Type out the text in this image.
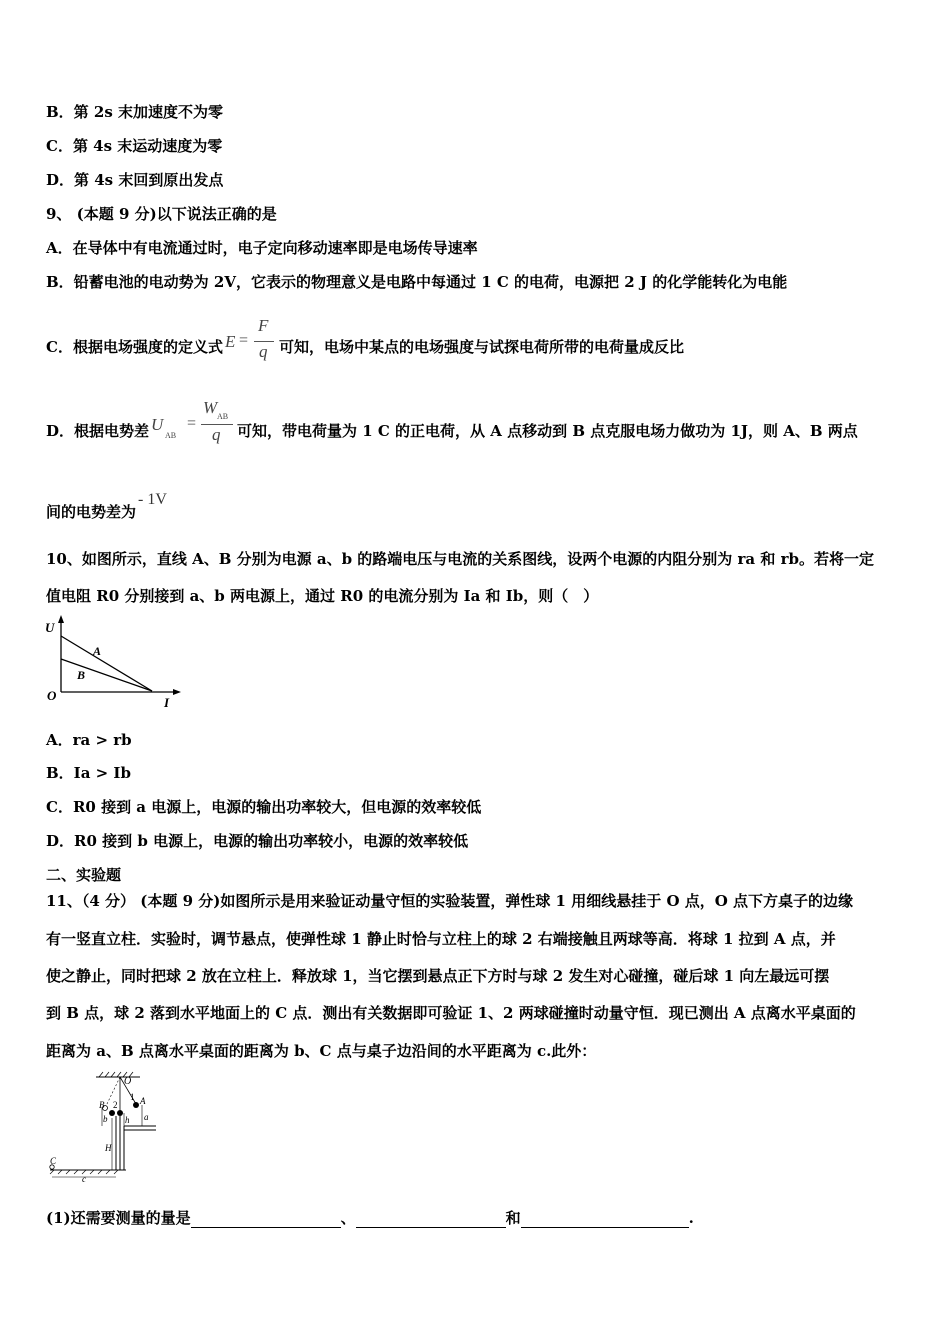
B．第 2s 末加速度不为零
C．第 4s 末运动速度为零
D．第 4s 末回到原出发点
9、 (本题 9 分)以下说法正确的是
A．在导体中有电流通过时，电子定向移动速率即是电场传导速率
B．铅蓄电池的电动势为 2V，它表示的物理意义是电路中每通过 1 C 的电荷，电源把 2 J 的化学能转化为电能
C．根据电场强度的定义式 E =
F
q 可知，电场中某点的电场强度与试探电荷所带的电荷量成反比
D．根据电势差 U
AB
=
W AB
q 可知，带电荷量为 1 C 的正电荷，从 A 点移动到 B 点克服电场力做功为 1J，则 A、B 两点
间的电势差为- 1V
10、如图所示，直线 A、B 分别为电源 a、b 的路端电压与电流的关系图线，设两个电源的内阻分别为 ra 和 rb。若将一定
值电阻 R0 分别接到 a、b 两电源上，通过 R0 的电流分别为 Ia 和 Ib，则（　）
U
I
O
A
B
A．ra > rb
B．Ia > Ib
C．R0 接到 a 电源上，电源的输出功率较大，但电源的效率较低
D．R0 接到 b 电源上，电源的输出功率较小，电源的效率较低
二、实验题
11、（4 分） (本题 9 分)如图所示是用来验证动量守恒的实验装置，弹性球 1 用细线悬挂于 O 点，O 点下方桌子的边缘
有一竖直立柱．实验时，调节悬点，使弹性球 1 静止时恰与立柱上的球 2 右端接触且两球等高．将球 1 拉到 A 点，并
使之静止，同时把球 2 放在立柱上．释放球 1，当它摆到悬点正下方时与球 2 发生对心碰撞，碰后球 1 向左最远可摆
到 B 点，球 2 落到水平地面上的 C 点．测出有关数据即可验证 1、2 两球碰撞时动量守恒．现已测出 A 点离水平桌面的
距离为 a、B 点离水平桌面的距离为 b、C 点与桌子边沿间的水平距离为 c.此外：
O
A
B
1
2
a
b h
H
C
c
(1)还需要测量的量是	、	和	.
